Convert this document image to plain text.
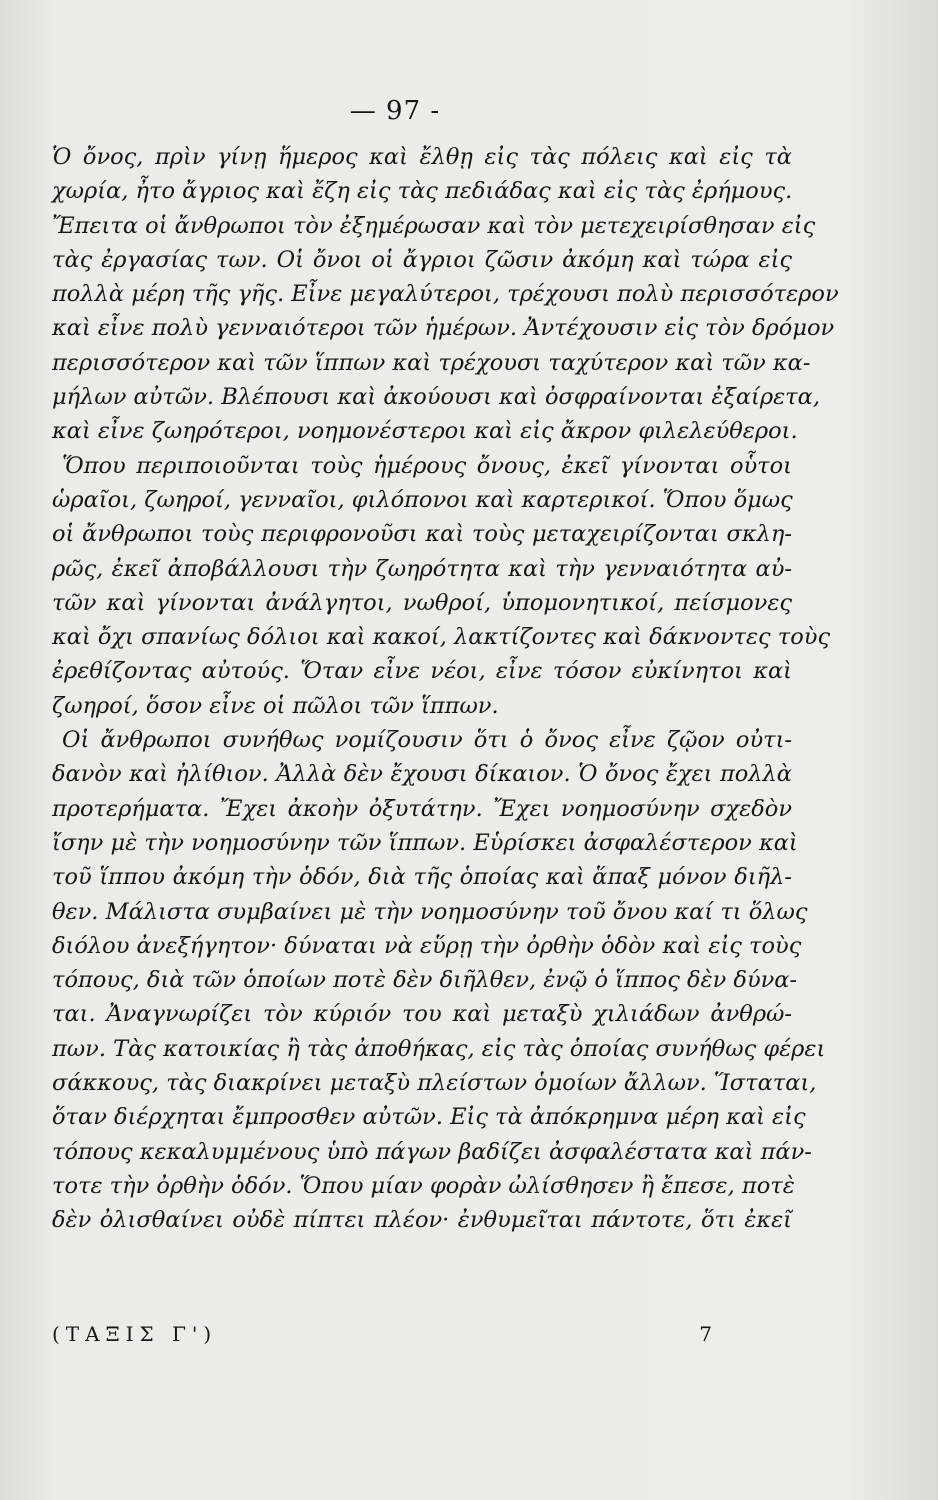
— 97 -
Ὁ ὄνος, πρὶν γίνῃ ἥμερος καὶ ἔλθῃ εἰς τὰς πόλεις καὶ εἰς τὰ
χωρία, ἦτο ἄγριος καὶ ἔζη εἰς τὰς πεδιάδας καὶ εἰς τὰς ἐρήμους.
Ἔπειτα οἱ ἄνθρωποι τὸν ἐξημέρωσαν καὶ τὸν μετεχειρίσθησαν εἰς
τὰς ἐργασίας των. Οἱ ὄνοι οἱ ἄγριοι ζῶσιν ἀκόμη καὶ τώρα εἰς
πολλὰ μέρη τῆς γῆς. Εἶνε μεγαλύτεροι, τρέχουσι πολὺ περισσότερον
καὶ εἶνε πολὺ γενναιότεροι τῶν ἡμέρων. Ἀντέχουσιν εἰς τὸν δρόμον
περισσότερον καὶ τῶν ἵππων καὶ τρέχουσι ταχύτερον καὶ τῶν κα-
μήλων αὐτῶν. Βλέπουσι καὶ ἀκούουσι καὶ ὀσφραίνονται ἐξαίρετα,
καὶ εἶνε ζωηρότεροι, νοημονέστεροι καὶ εἰς ἄκρον φιλελεύθεροι.
Ὅπου περιποιοῦνται τοὺς ἡμέρους ὄνους, ἐκεῖ γίνονται οὗτοι
ὡραῖοι, ζωηροί, γενναῖοι, φιλόπονοι καὶ καρτερικοί. Ὅπου ὅμως
οἱ ἄνθρωποι τοὺς περιφρονοῦσι καὶ τοὺς μεταχειρίζονται σκλη-
ρῶς, ἐκεῖ ἀποβάλλουσι τὴν ζωηρότητα καὶ τὴν γενναιότητα αὐ-
τῶν καὶ γίνονται ἀνάλγητοι, νωθροί, ὑπομονητικοί, πείσμονες
καὶ ὄχι σπανίως δόλιοι καὶ κακοί, λακτίζοντες καὶ δάκνοντες τοὺς
ἐρεθίζοντας αὐτούς. Ὅταν εἶνε νέοι, εἶνε τόσον εὐκίνητοι καὶ
ζωηροί, ὅσον εἶνε οἱ πῶλοι τῶν ἵππων.
Οἱ ἄνθρωποι συνήθως νομίζουσιν ὅτι ὁ ὄνος εἶνε ζῷον οὐτι-
δανὸν καὶ ἠλίθιον. Ἀλλὰ δὲν ἔχουσι δίκαιον. Ὁ ὄνος ἔχει πολλὰ
προτερήματα. Ἔχει ἀκοὴν ὀξυτάτην. Ἔχει νοημοσύνην σχεδὸν
ἴσην μὲ τὴν νοημοσύνην τῶν ἵππων. Εὑρίσκει ἀσφαλέστερον καὶ
τοῦ ἵππου ἀκόμη τὴν ὁδόν, διὰ τῆς ὁποίας καὶ ἅπαξ μόνον διῆλ-
θεν. Μάλιστα συμβαίνει μὲ τὴν νοημοσύνην τοῦ ὄνου καί τι ὅλως
διόλου ἀνεξήγητον· δύναται νὰ εὕρῃ τὴν ὀρθὴν ὁδὸν καὶ εἰς τοὺς
τόπους, διὰ τῶν ὁποίων ποτὲ δὲν διῆλθεν, ἐνῷ ὁ ἵππος δὲν δύνα-
ται. Ἀναγνωρίζει τὸν κύριόν του καὶ μεταξὺ χιλιάδων ἀνθρώ-
πων. Τὰς κατοικίας ἢ τὰς ἀποθήκας, εἰς τὰς ὁποίας συνήθως φέρει
σάκκους, τὰς διακρίνει μεταξὺ πλείστων ὁμοίων ἄλλων. Ἵσταται,
ὅταν διέρχηται ἔμπροσθεν αὐτῶν. Εἰς τὰ ἀπόκρημνα μέρη καὶ εἰς
τόπους κεκαλυμμένους ὑπὸ πάγων βαδίζει ἀσφαλέστατα καὶ πάν-
τοτε τὴν ὀρθὴν ὁδόν. Ὅπου μίαν φορὰν ὠλίσθησεν ἢ ἔπεσε, ποτὲ
δὲν ὀλισθαίνει οὐδὲ πίπτει πλέον· ἐνθυμεῖται πάντοτε, ὅτι ἐκεῖ
(ΤΑΞΙΣ Γ')	7
